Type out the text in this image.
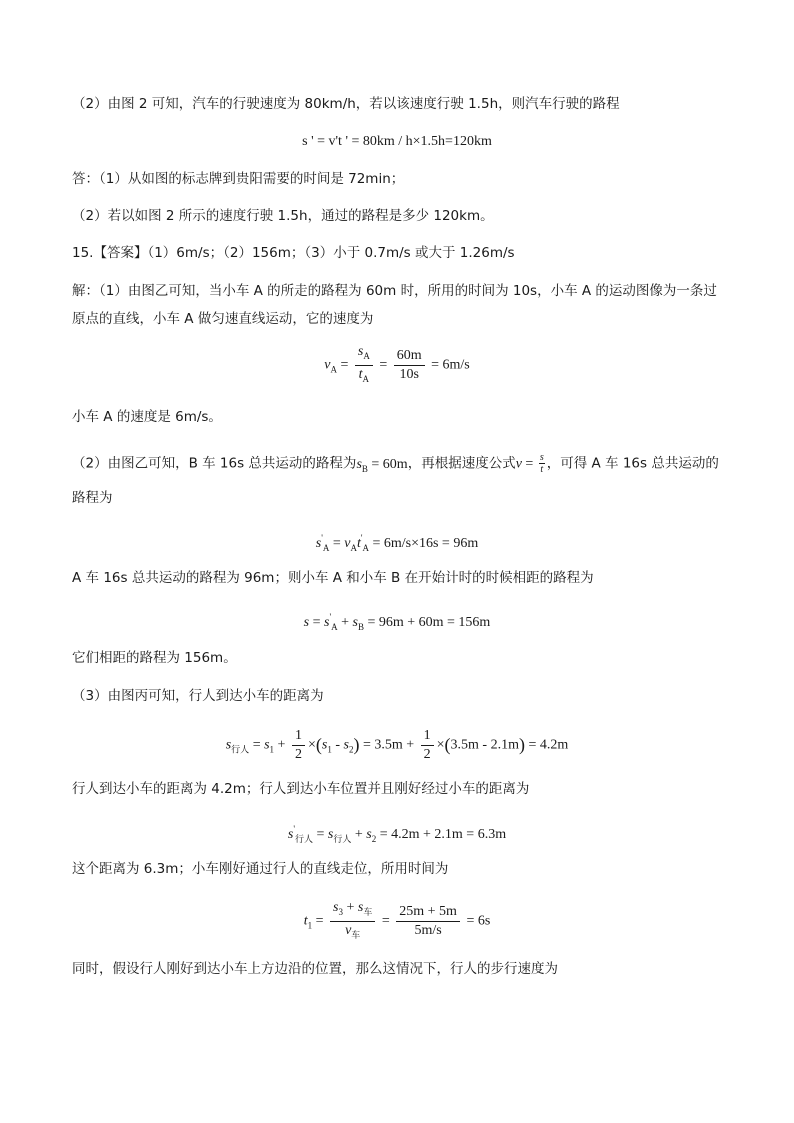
（2）由图 2 可知，汽车的行驶速度为 80km/h，若以该速度行驶 1.5h，则汽车行驶的路程
s ' = v't ' = 80km / h×1.5h=120km
答：（1）从如图的标志牌到贵阳需要的时间是 72min；
（2）若以如图 2 所示的速度行驶 1.5h，通过的路程是多少 120km。
15.【答案】（1）6m/s；（2）156m；（3）小于 0.7m/s 或大于 1.26m/s
解：（1）由图乙可知，当小车 A 的所走的路程为 60m 时，所用的时间为 10s，小车 A 的运动图像为一条过原点的直线，小车 A 做匀速直线运动，它的速度为
$v_A = \frac{s_A}{t_A} = \frac{60m}{10s} = 6m/s$
小车 A 的速度是 6m/s。
（2）由图乙可知，B 车 16s 总共运动的路程为$s_B = 60m$，再根据速度公式$v = \frac{s}{t}$ ，可得 A 车 16s 总共运动的
路程为
$s'_A = v_At'_A = 6m/s\times 16s = 96m$
A 车 16s 总共运动的路程为 96m；则小车 A 和小车 B 在开始计时的时候相距的路程为
$s = s'_A + s_B = 96m + 60m = 156m$
它们相距的路程为 156m。
（3）由图丙可知，行人到达小车的距离为
$s_{行人} = s_1 + \frac{1}{2} \times(s_1 - s_2) = 3.5m + \frac{1}{2} \times(3.5m - 2.1m) = 4.2m$
行人到达小车的距离为 4.2m；行人到达小车位置并且刚好经过小车的距离为
$s'_{行人} = s_{行人} + s_2 = 4.2m + 2.1m = 6.3m$
这个距离为 6.3m；小车刚好通过行人的直线走位，所用时间为
$t_1 = \frac{s_3 + s_车}{v_车} = \frac{25m + 5m}{5m/s} = 6s$
同时，假设行人刚好到达小车上方边沿的位置，那么这情况下，行人的步行速度为
